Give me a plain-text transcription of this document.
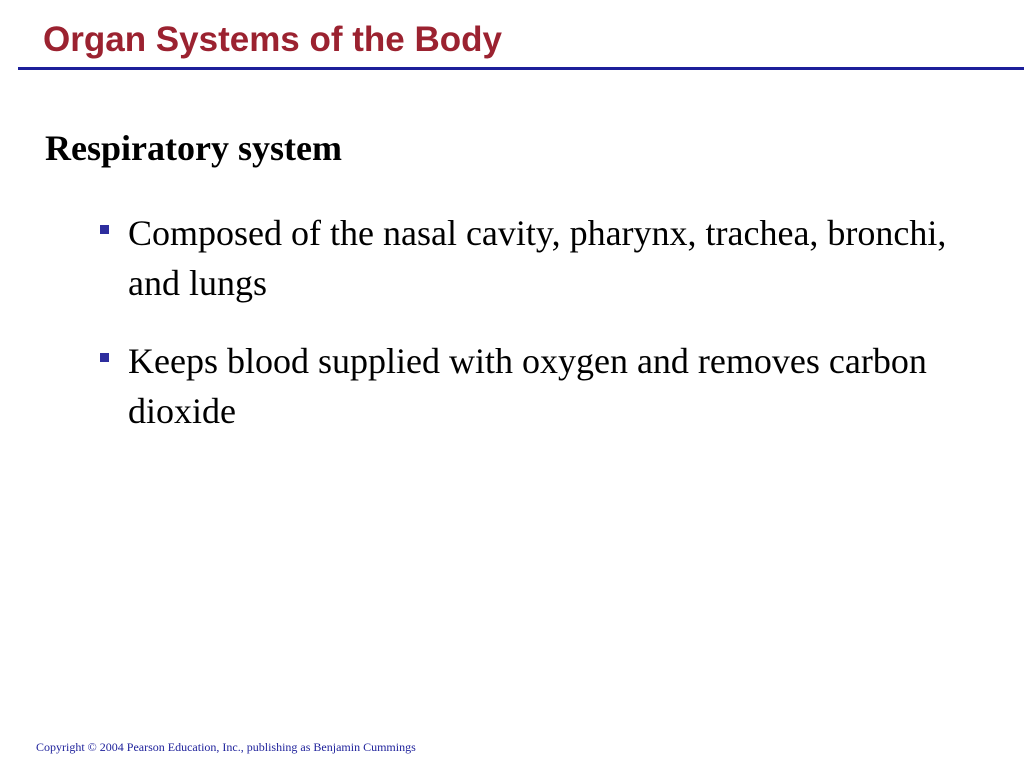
Organ Systems of the Body
Respiratory system
Composed of the nasal cavity, pharynx, trachea, bronchi, and lungs
Keeps blood supplied with oxygen and removes carbon dioxide

Copyright © 2004 Pearson Education, Inc., publishing as Benjamin Cummings
